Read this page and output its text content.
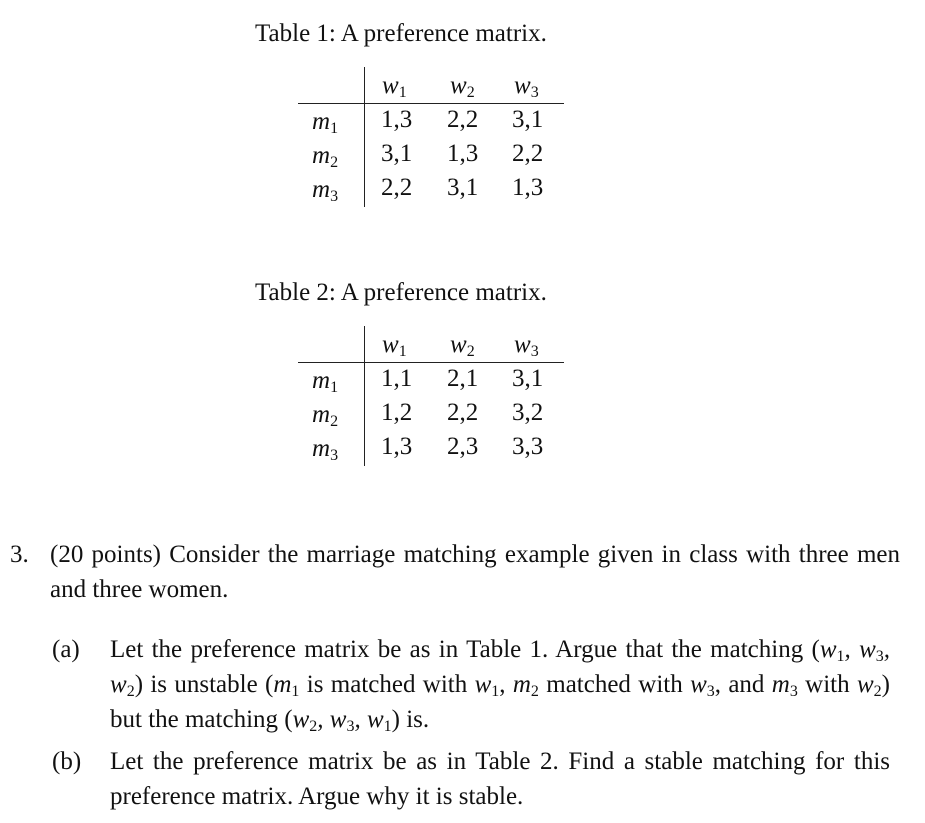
Table 1: A preference matrix.
$w_1$ $w_2$ $w_3$
$m_1$ 1,3 2,2 3,1
$m_2$ 3,1 1,3 2,2
$m_3$ 2,2 3,1 1,3
Table 2: A preference matrix.
$w_1$ $w_2$ $w_3$
$m_1$ 1,1 2,1 3,1
$m_2$ 1,2 2,2 3,2
$m_3$ 1,3 2,3 3,3
3. (20 points) Consider the marriage matching example given in class with three men and three women.
(a) Let the preference matrix be as in Table 1. Argue that the matching ($w_1$, $w_3$, $w_2$) is unstable ($m_1$ is matched with $w_1$, $m_2$ matched with $w_3$, and $m_3$ with $w_2$) but the matching ($w_2$, $w_3$, $w_1$) is.
(b) Let the preference matrix be as in Table 2. Find a stable matching for this preference matrix. Argue why it is stable.
